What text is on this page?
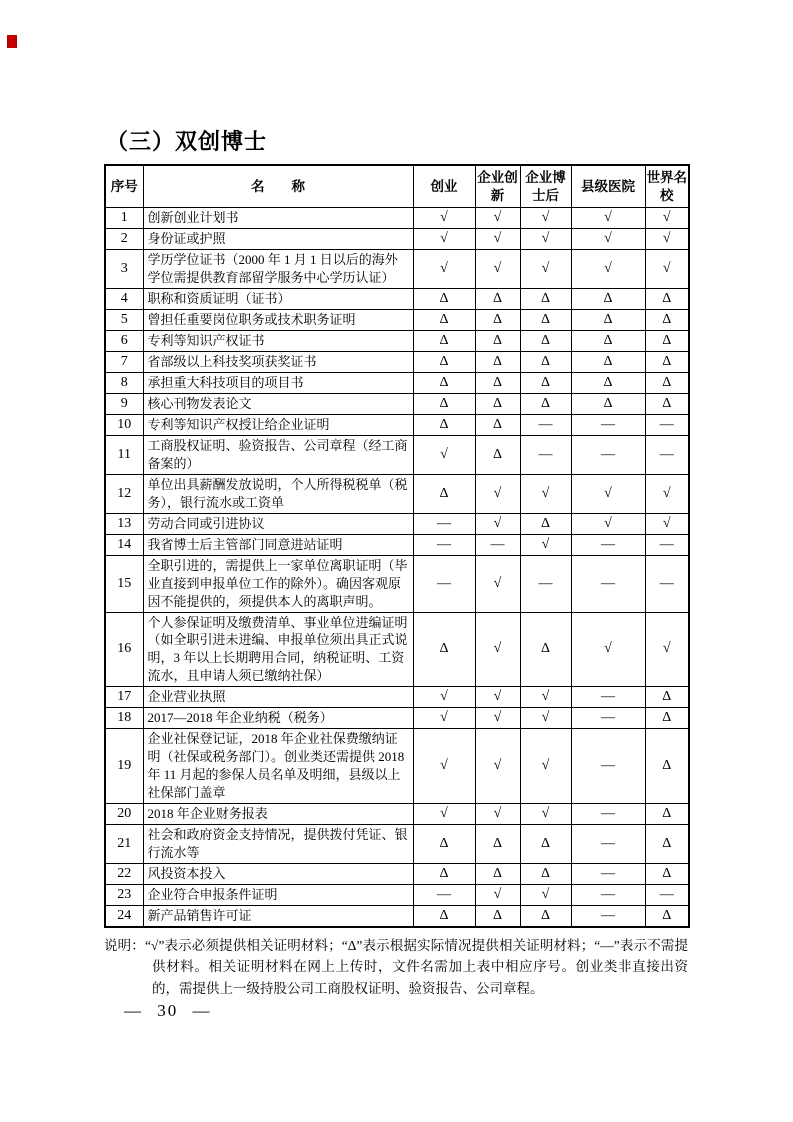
（三）双创博士
序号	名　　称	创业	企业创新	企业博士后	县级医院	世界名校
1	创新创业计划书	√	√	√	√	√
2	身份证或护照	√	√	√	√	√
3	学历学位证书（2000 年 1 月 1 日以后的海外学位需提供教育部留学服务中心学历认证）	√	√	√	√	√
4	职称和资质证明（证书）	Δ	Δ	Δ	Δ	Δ
5	曾担任重要岗位职务或技术职务证明	Δ	Δ	Δ	Δ	Δ
6	专利等知识产权证书	Δ	Δ	Δ	Δ	Δ
7	省部级以上科技奖项获奖证书	Δ	Δ	Δ	Δ	Δ
8	承担重大科技项目的项目书	Δ	Δ	Δ	Δ	Δ
9	核心刊物发表论文	Δ	Δ	Δ	Δ	Δ
10	专利等知识产权授让给企业证明	Δ	Δ	—	—	—
11	工商股权证明、验资报告、公司章程（经工商备案的）	√	Δ	—	—	—
12	单位出具薪酬发放说明，个人所得税税单（税务），银行流水或工资单	Δ	√	√	√	√
13	劳动合同或引进协议	—	√	Δ	√	√
14	我省博士后主管部门同意进站证明	—	—	√	—	—
15	全职引进的，需提供上一家单位离职证明（毕业直接到申报单位工作的除外）。确因客观原因不能提供的，须提供本人的离职声明。	—	√	—	—	—
16	个人参保证明及缴费清单、事业单位进编证明（如全职引进未进编、申报单位须出具正式说明，3 年以上长期聘用合同，纳税证明、工资流水，且申请人须已缴纳社保）	Δ	√	Δ	√	√
17	企业营业执照	√	√	√	—	Δ
18	2017—2018 年企业纳税（税务）	√	√	√	—	Δ
19	企业社保登记证，2018 年企业社保费缴纳证明（社保或税务部门）。创业类还需提供 2018 年 11 月起的参保人员名单及明细，县级以上社保部门盖章	√	√	√	—	Δ
20	2018 年企业财务报表	√	√	√	—	Δ
21	社会和政府资金支持情况，提供拨付凭证、银行流水等	Δ	Δ	Δ	—	Δ
22	风投资本投入	Δ	Δ	Δ	—	Δ
23	企业符合申报条件证明	—	√	√	—	—
24	新产品销售许可证	Δ	Δ	Δ	—	Δ

说明：“√”表示必须提供相关证明材料；“Δ”表示根据实际情况提供相关证明材料；“—”表示不需提供材料。相关证明材料在网上上传时，文件名需加上表中相应序号。创业类非直接出资的，需提供上一级持股公司工商股权证明、验资报告、公司章程。

— 30 —
